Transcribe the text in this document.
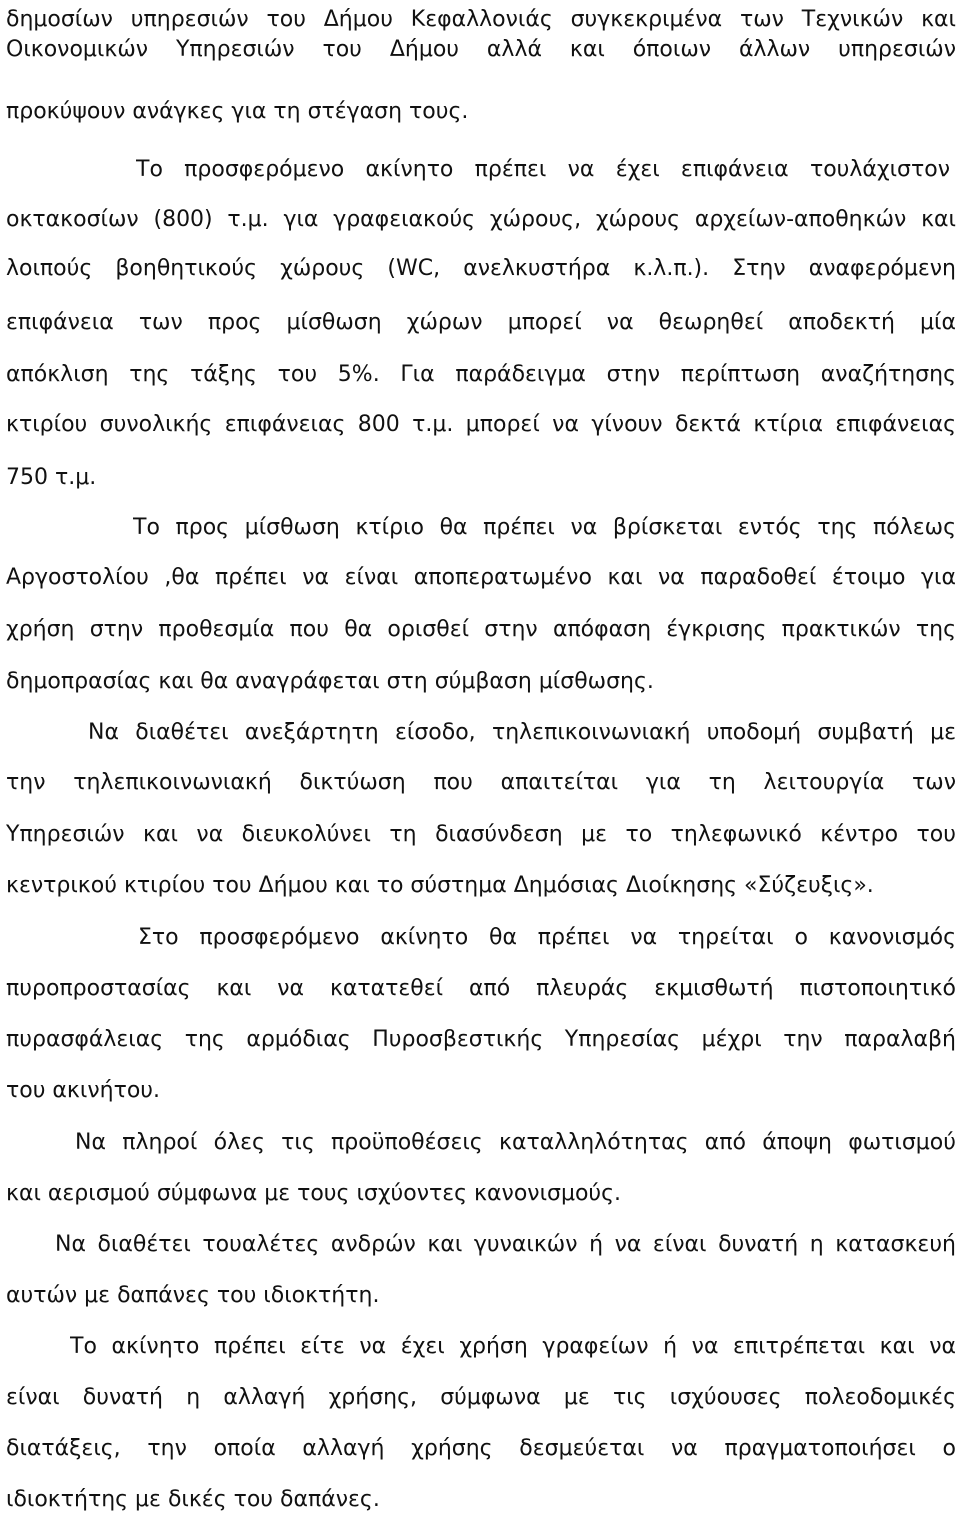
δημοσίων υπηρεσιών του Δήμου Κεφαλλονιάς συγκεκριμένα των Τεχνικών και
Οικονομικών Υπηρεσιών του Δήμου αλλά και όποιων άλλων υπηρεσιών
προκύψουν ανάγκες για τη στέγαση τους.
Το προσφερόμενο ακίνητο πρέπει να έχει επιφάνεια τουλάχιστον
οκτακοσίων (800) τ.μ. για γραφειακούς χώρους, χώρους αρχείων-αποθηκών και
λοιπούς βοηθητικούς χώρους (WC, ανελκυστήρα κ.λ.π.). Στην αναφερόμενη
επιφάνεια των προς μίσθωση χώρων μπορεί να θεωρηθεί αποδεκτή μία
απόκλιση της τάξης του 5%. Για παράδειγμα στην περίπτωση αναζήτησης
κτιρίου συνολικής επιφάνειας 800 τ.μ. μπορεί να γίνουν δεκτά κτίρια επιφάνειας
750 τ.μ.
Το προς μίσθωση κτίριο θα πρέπει να βρίσκεται εντός της πόλεως
Αργοστολίου ,θα πρέπει να είναι αποπερατωμένο και να παραδοθεί έτοιμο για
χρήση στην προθεσμία που θα ορισθεί στην απόφαση έγκρισης πρακτικών της
δημοπρασίας και θα αναγράφεται στη σύμβαση μίσθωσης.
Να διαθέτει ανεξάρτητη είσοδο, τηλεπικοινωνιακή υποδομή συμβατή με
την τηλεπικοινωνιακή δικτύωση που απαιτείται για τη λειτουργία των
Υπηρεσιών και να διευκολύνει τη διασύνδεση με το τηλεφωνικό κέντρο του
κεντρικού κτιρίου του Δήμου και το σύστημα Δημόσιας Διοίκησης «Σύζευξις».
Στο προσφερόμενο ακίνητο θα πρέπει να τηρείται ο κανονισμός
πυροπροστασίας και να κατατεθεί από πλευράς εκμισθωτή πιστοποιητικό
πυρασφάλειας της αρμόδιας Πυροσβεστικής Υπηρεσίας μέχρι την παραλαβή
του ακινήτου.
Να πληροί όλες τις προϋποθέσεις καταλληλότητας από άποψη φωτισμού
και αερισμού σύμφωνα με τους ισχύοντες κανονισμούς.
Να διαθέτει τουαλέτες ανδρών και γυναικών ή να είναι δυνατή η κατασκευή
αυτών με δαπάνες του ιδιοκτήτη.
Το ακίνητο πρέπει είτε να έχει χρήση γραφείων ή να επιτρέπεται και να
είναι δυνατή η αλλαγή χρήσης, σύμφωνα με τις ισχύουσες πολεοδομικές
διατάξεις, την οποία αλλαγή χρήσης δεσμεύεται να πραγματοποιήσει ο
ιδιοκτήτης με δικές του δαπάνες.
